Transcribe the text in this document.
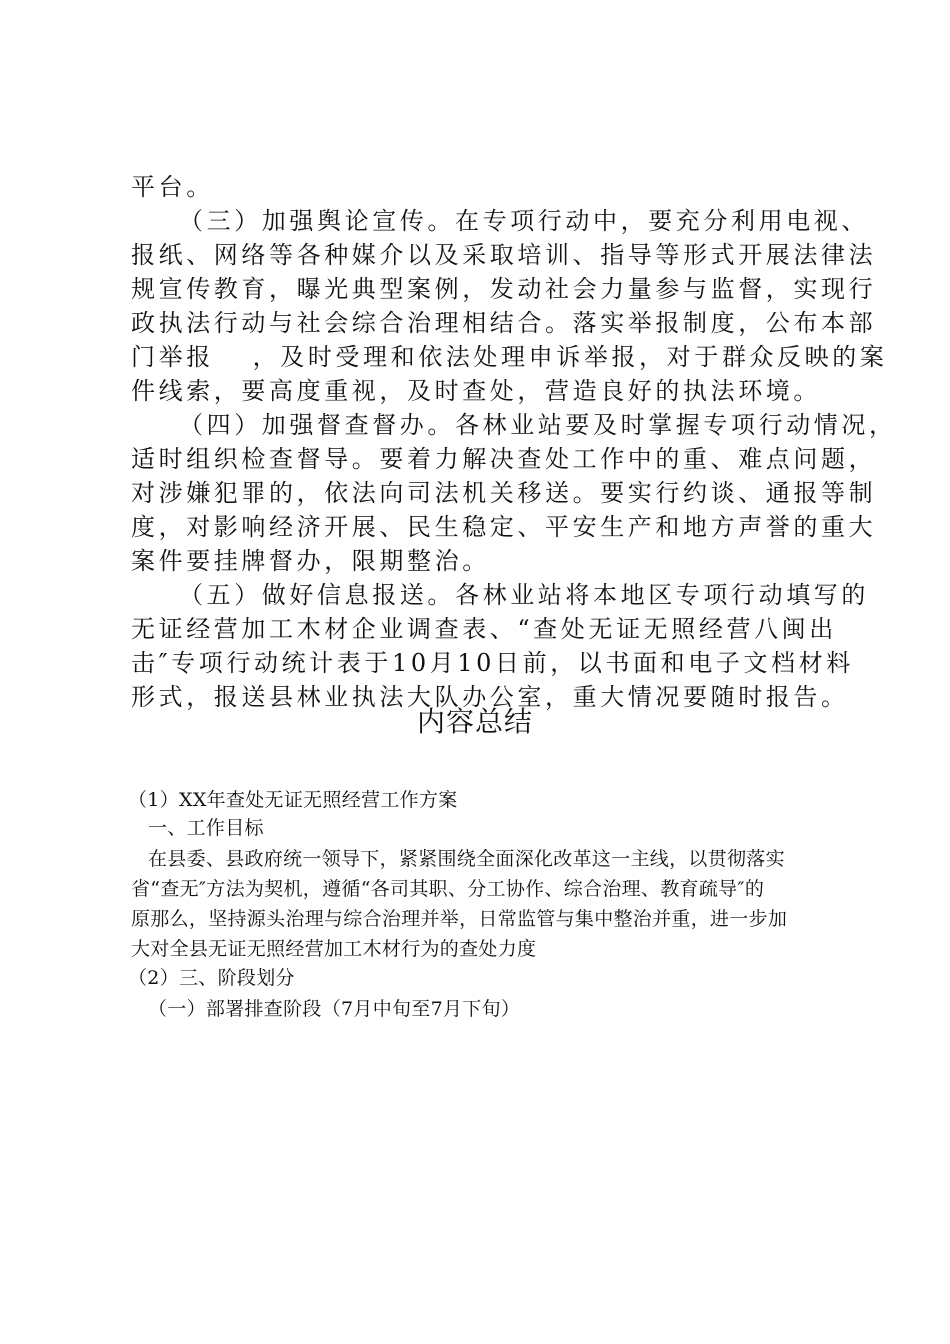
平台。
（三）加强舆论宣传。在专项行动中，要充分利用电视、
报纸、网络等各种媒介以及采取培训、指导等形式开展法律法
规宣传教育，曝光典型案例，发动社会力量参与监督，实现行
政执法行动与社会综合治理相结合。落实举报制度，公布本部
门举报　 ，及时受理和依法处理申诉举报，对于群众反映的案
件线索，要高度重视，及时查处，营造良好的执法环境。
（四）加强督查督办。各林业站要及时掌握专项行动情况，
适时组织检查督导。要着力解决查处工作中的重、难点问题，
对涉嫌犯罪的，依法向司法机关移送。要实行约谈、通报等制
度，对影响经济开展、民生稳定、平安生产和地方声誉的重大
案件要挂牌督办，限期整治。
（五）做好信息报送。各林业站将本地区专项行动填写的
无证经营加工木材企业调查表、“查处无证无照经营八闽出
击″专项行动统计表于10月10日前，以书面和电子文档材料
形式，报送县林业执法大队办公室，重大情况要随时报告。
内容总结
（1）XX年查处无证无照经营工作方案
一、工作目标
在县委、县政府统一领导下，紧紧围绕全面深化改革这一主线，以贯彻落实
省“查无″方法为契机，遵循“各司其职、分工协作、综合治理、教育疏导″的
原那么，坚持源头治理与综合治理并举，日常监管与集中整治并重，进一步加
大对全县无证无照经营加工木材行为的查处力度
（2）三、阶段划分
（一）部署排查阶段（7月中旬至7月下旬）
